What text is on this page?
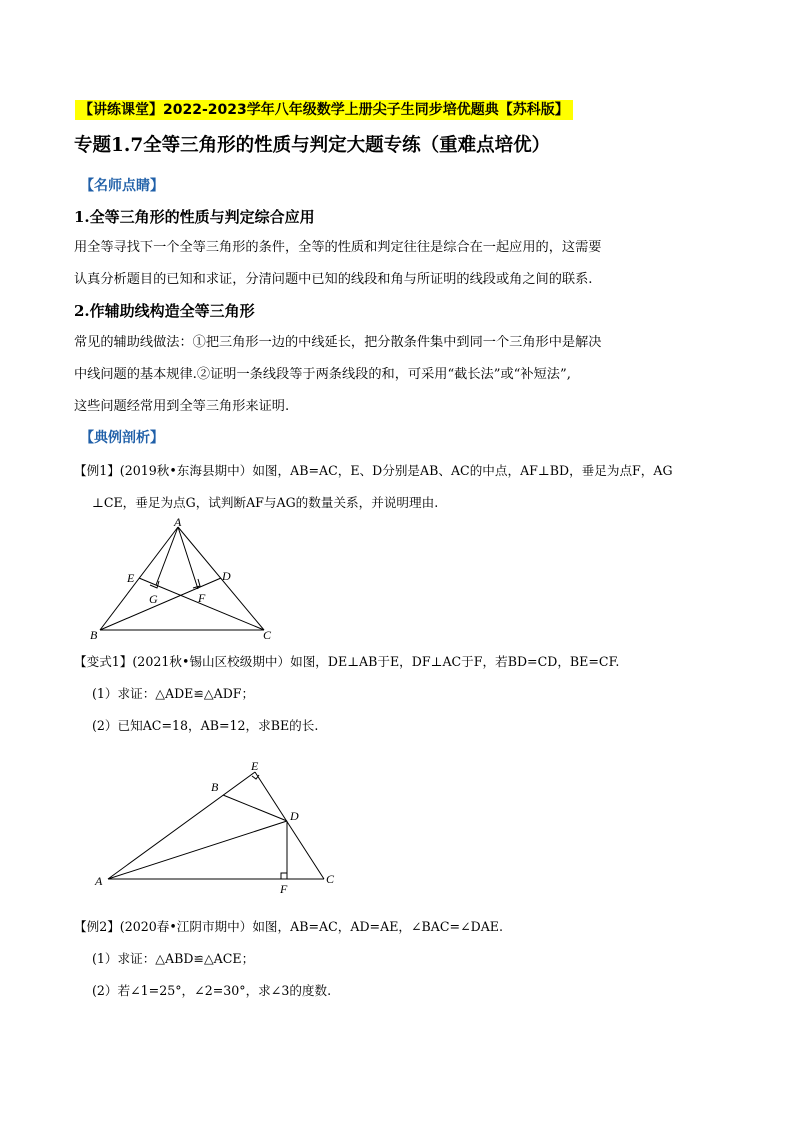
【讲练课堂】2022-2023学年八年级数学上册尖子生同步培优题典【苏科版】
专题1.7全等三角形的性质与判定大题专练（重难点培优）
【名师点睛】
1.全等三角形的性质与判定综合应用
用全等寻找下一个全等三角形的条件，全等的性质和判定往往是综合在一起应用的，这需要
认真分析题目的已知和求证，分清问题中已知的线段和角与所证明的线段或角之间的联系.
2.作辅助线构造全等三角形
常见的辅助线做法：①把三角形一边的中线延长，把分散条件集中到同一个三角形中是解决
中线问题的基本规律.②证明一条线段等于两条线段的和，可采用“截长法”或“补短法”,
这些问题经常用到全等三角形来证明.
【典例剖析】
【例1】(2019秋•东海县期中）如图，AB=AC，E、D分别是AB、AC的中点，AF⊥BD，垂足为点F，AG
⊥CE，垂足为点G，试判断AF与AG的数量关系，并说明理由.
A
B	C
D
E
F
G
【变式1】(2021秋•锡山区校级期中）如图，DE⊥AB于E，DF⊥AC于F，若BD=CD，BE=CF.
(1）求证：△ADE≌△ADF；
(2）已知AC=18，AB=12，求BE的长.
E
B
D
A
F
C
【例2】(2020春•江阴市期中）如图，AB=AC，AD=AE，∠BAC=∠DAE.
(1）求证：△ABD≌△ACE；
(2）若∠1=25°，∠2=30°，求∠3的度数.
